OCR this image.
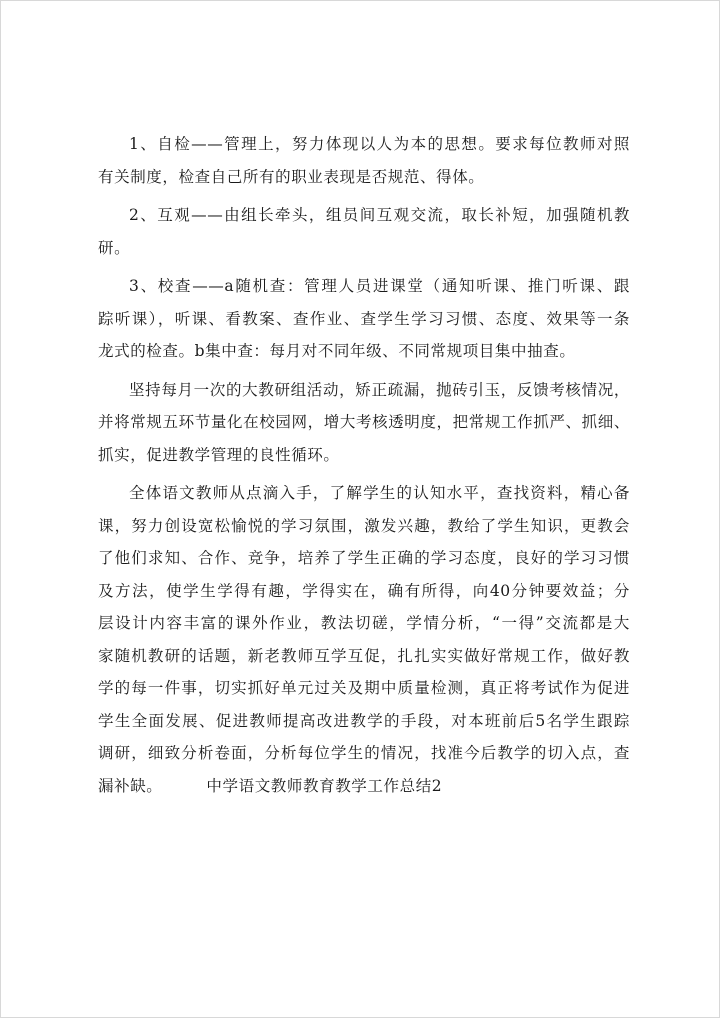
1、自检——管理上，努力体现以人为本的思想。要求每位教师对照
有关制度，检查自己所有的职业表现是否规范、得体。

2、互观——由组长牵头，组员间互观交流，取长补短，加强随机教
研。

3、校查——a随机查：管理人员进课堂（通知听课、推门听课、跟
踪听课），听课、看教案、查作业、查学生学习习惯、态度、效果等一条
龙式的检查。b集中查：每月对不同年级、不同常规项目集中抽查。

坚持每月一次的大教研组活动，矫正疏漏，抛砖引玉，反馈考核情况，
并将常规五环节量化在校园网，增大考核透明度，把常规工作抓严、抓细、
抓实，促进教学管理的良性循环。

全体语文教师从点滴入手，了解学生的认知水平，查找资料，精心备
课，努力创设宽松愉悦的学习氛围，激发兴趣，教给了学生知识，更教会
了他们求知、合作、竞争，培养了学生正确的学习态度，良好的学习习惯
及方法，使学生学得有趣，学得实在，确有所得，向40分钟要效益；分
层设计内容丰富的课外作业，教法切磋，学情分析，“一得”交流都是大
家随机教研的话题，新老教师互学互促，扎扎实实做好常规工作，做好教
学的每一件事，切实抓好单元过关及期中质量检测，真正将考试作为促进
学生全面发展、促进教师提高改进教学的手段，对本班前后5名学生跟踪
调研，细致分析卷面，分析每位学生的情况，找准今后教学的切入点，查
漏补缺。	中学语文教师教育教学工作总结2
